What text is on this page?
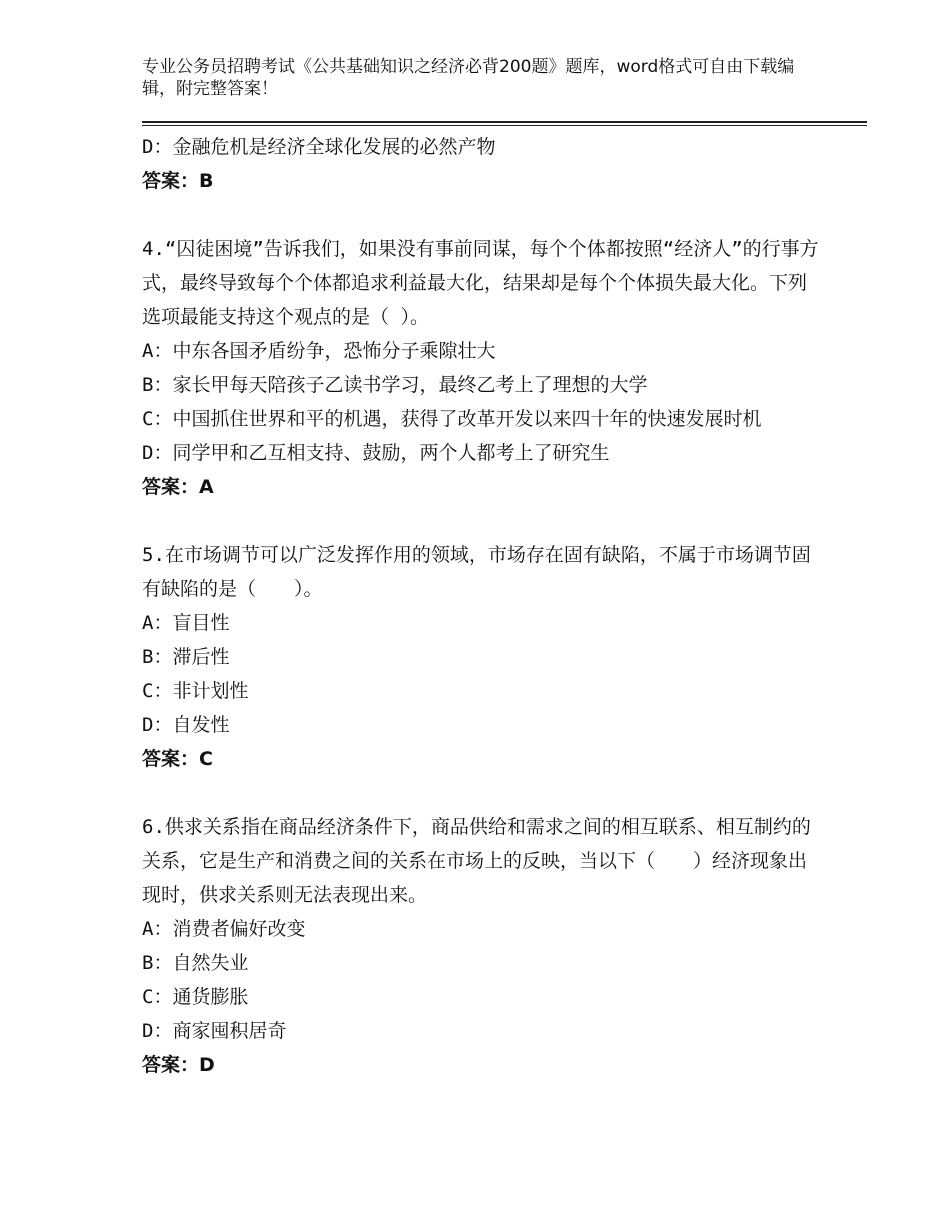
专业公务员招聘考试《公共基础知识之经济必背200题》题库，word格式可自由下载编辑，附完整答案！

D：金融危机是经济全球化发展的必然产物

答案：B

4.“囚徒困境”告诉我们，如果没有事前同谋，每个个体都按照“经济人”的行事方式，最终导致每个个体都追求利益最大化，结果却是每个个体损失最大化。下列选项最能支持这个观点的是（ ）。

A：中东各国矛盾纷争，恐怖分子乘隙壮大

B：家长甲每天陪孩子乙读书学习，最终乙考上了理想的大学

C：中国抓住世界和平的机遇，获得了改革开发以来四十年的快速发展时机

D：同学甲和乙互相支持、鼓励，两个人都考上了研究生

答案：A

5.在市场调节可以广泛发挥作用的领域，市场存在固有缺陷，不属于市场调节固有缺陷的是（　　）。

A：盲目性

B：滞后性

C：非计划性

D：自发性

答案：C

6.供求关系指在商品经济条件下，商品供给和需求之间的相互联系、相互制约的关系，它是生产和消费之间的关系在市场上的反映，当以下（　　）经济现象出现时，供求关系则无法表现出来。

A：消费者偏好改变

B：自然失业

C：通货膨胀

D：商家囤积居奇

答案：D
